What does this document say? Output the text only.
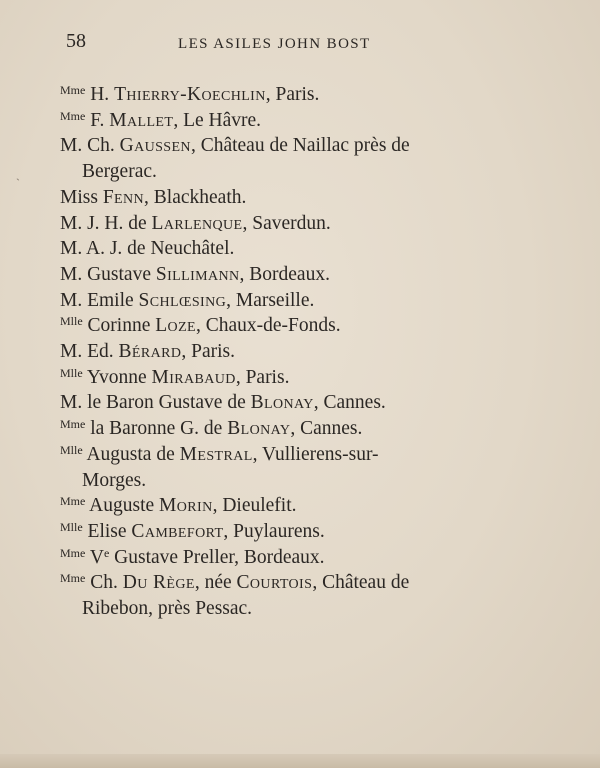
58	LES ASILES JOHN BOST
$^{Mme}$ H. Thierry-Koechlin, Paris.
$^{Mme}$ F. Mallet, Le Hâvre.
M. Ch. Gaussen, Château de Naillac près de
Bergerac.
Miss Fenn, Blackheath.
M. J. H. de Larlenque, Saverdun.
M. A. J. de Neuchâtel.
M. Gustave Sillimann, Bordeaux.
M. Emile Schlœsing, Marseille.
$^{Mlle}$ Corinne Loze, Chaux-de-Fonds.
M. Ed. Bérard, Paris.
$^{Mlle}$ Yvonne Mirabaud, Paris.
M. le Baron Gustave de Blonay, Cannes.
$^{Mme}$ la Baronne G. de Blonay, Cannes.
$^{Mlle}$ Augusta de Mestral, Vullierens-sur-
Morges.
$^{Mme}$ Auguste Morin, Dieulefit.
$^{Mlle}$ Elise Cambefort, Puylaurens.
$^{Mme}$ Ve Gustave Preller, Bordeaux.
$^{Mme}$ Ch. Du Rège, née Courtois, Château de
Ribebon, près Pessac.
`
